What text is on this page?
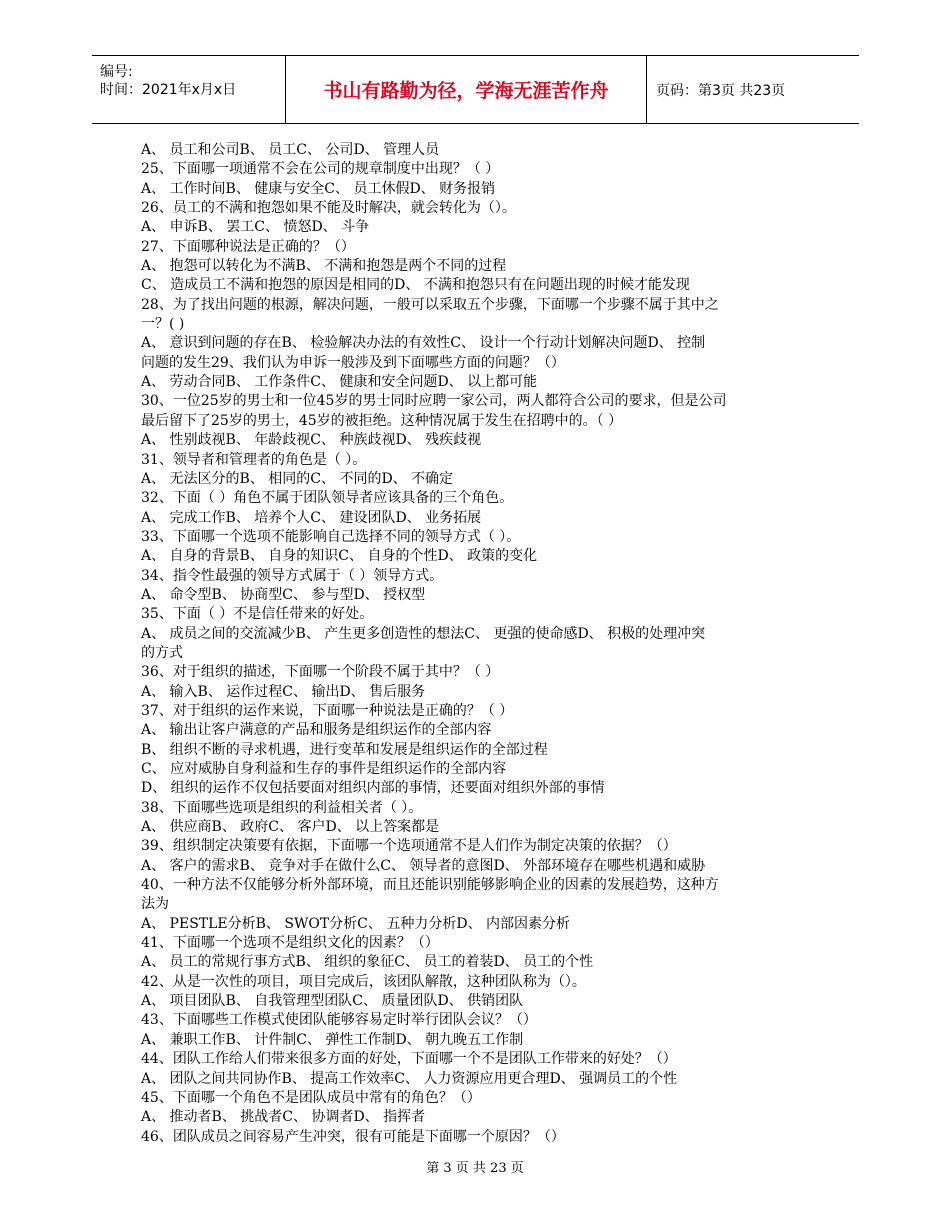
编号:
时间：2021年x月x日	书山有路勤为径，学海无涯苦作舟	页码：第3页 共23页
A、 员工和公司B、 员工C、 公司D、 管理人员
25、下面哪一项通常不会在公司的规章制度中出现？（ ）
A、 工作时间B、 健康与安全C、 员工休假D、 财务报销
26、员工的不满和抱怨如果不能及时解决，就会转化为（）。
A、 申诉B、 罢工C、 愤怒D、 斗争
27、下面哪种说法是正确的？（）
A、 抱怨可以转化为不满B、 不满和抱怨是两个不同的过程
C、 造成员工不满和抱怨的原因是相同的D、 不满和抱怨只有在问题出现的时候才能发现
28、为了找出问题的根源，解决问题，一般可以采取五个步骤，下面哪一个步骤不属于其中之
一？( )
A、 意识到问题的存在B、 检验解决办法的有效性C、 设计一个行动计划解决问题D、 控制
问题的发生29、我们认为申诉一般涉及到下面哪些方面的问题？（）
A、 劳动合同B、 工作条件C、 健康和安全问题D、 以上都可能
30、一位25岁的男士和一位45岁的男士同时应聘一家公司，两人都符合公司的要求，但是公司
最后留下了25岁的男士，45岁的被拒绝。这种情况属于发生在招聘中的。（ ）
A、 性别歧视B、 年龄歧视C、 种族歧视D、 残疾歧视
31、领导者和管理者的角色是（ ）。
A、 无法区分的B、 相同的C、 不同的D、 不确定
32、下面（ ）角色不属于团队领导者应该具备的三个角色。
A、 完成工作B、 培养个人C、 建设团队D、 业务拓展
33、下面哪一个选项不能影响自己选择不同的领导方式（ ）。
A、 自身的背景B、 自身的知识C、 自身的个性D、 政策的变化
34、指令性最强的领导方式属于（ ）领导方式。
A、 命令型B、 协商型C、 参与型D、 授权型
35、下面（ ）不是信任带来的好处。
A、 成员之间的交流减少B、 产生更多创造性的想法C、 更强的使命感D、 积极的处理冲突
的方式
36、对于组织的描述，下面哪一个阶段不属于其中？（ ）
A、 输入B、 运作过程C、 输出D、 售后服务
37、对于组织的运作来说，下面哪一种说法是正确的？（ ）
A、 输出让客户满意的产品和服务是组织运作的全部内容
B、 组织不断的寻求机遇，进行变革和发展是组织运作的全部过程
C、 应对威胁自身利益和生存的事件是组织运作的全部内容
D、 组织的运作不仅包括要面对组织内部的事情，还要面对组织外部的事情
38、下面哪些选项是组织的利益相关者（ ）。
A、 供应商B、 政府C、 客户D、 以上答案都是
39、组织制定决策要有依据，下面哪一个选项通常不是人们作为制定决策的依据？（）
A、 客户的需求B、 竞争对手在做什么C、 领导者的意图D、 外部环境存在哪些机遇和威胁
40、一种方法不仅能够分析外部环境，而且还能识别能够影响企业的因素的发展趋势，这种方
法为
A、 PESTLE分析B、 SWOT分析C、 五种力分析D、 内部因素分析
41、下面哪一个选项不是组织文化的因素？（）
A、 员工的常规行事方式B、 组织的象征C、 员工的着装D、 员工的个性
42、从是一次性的项目，项目完成后，该团队解散，这种团队称为（）。
A、 项目团队B、 自我管理型团队C、 质量团队D、 供销团队
43、下面哪些工作模式使团队能够容易定时举行团队会议？（）
A、 兼职工作B、 计件制C、 弹性工作制D、 朝九晚五工作制
44、团队工作给人们带来很多方面的好处，下面哪一个不是团队工作带来的好处？（）
A、 团队之间共同协作B、 提高工作效率C、 人力资源应用更合理D、 强调员工的个性
45、下面哪一个角色不是团队成员中常有的角色？（）
A、 推动者B、 挑战者C、 协调者D、 指挥者
46、团队成员之间容易产生冲突，很有可能是下面哪一个原因？（）
第 3 页 共 23 页
